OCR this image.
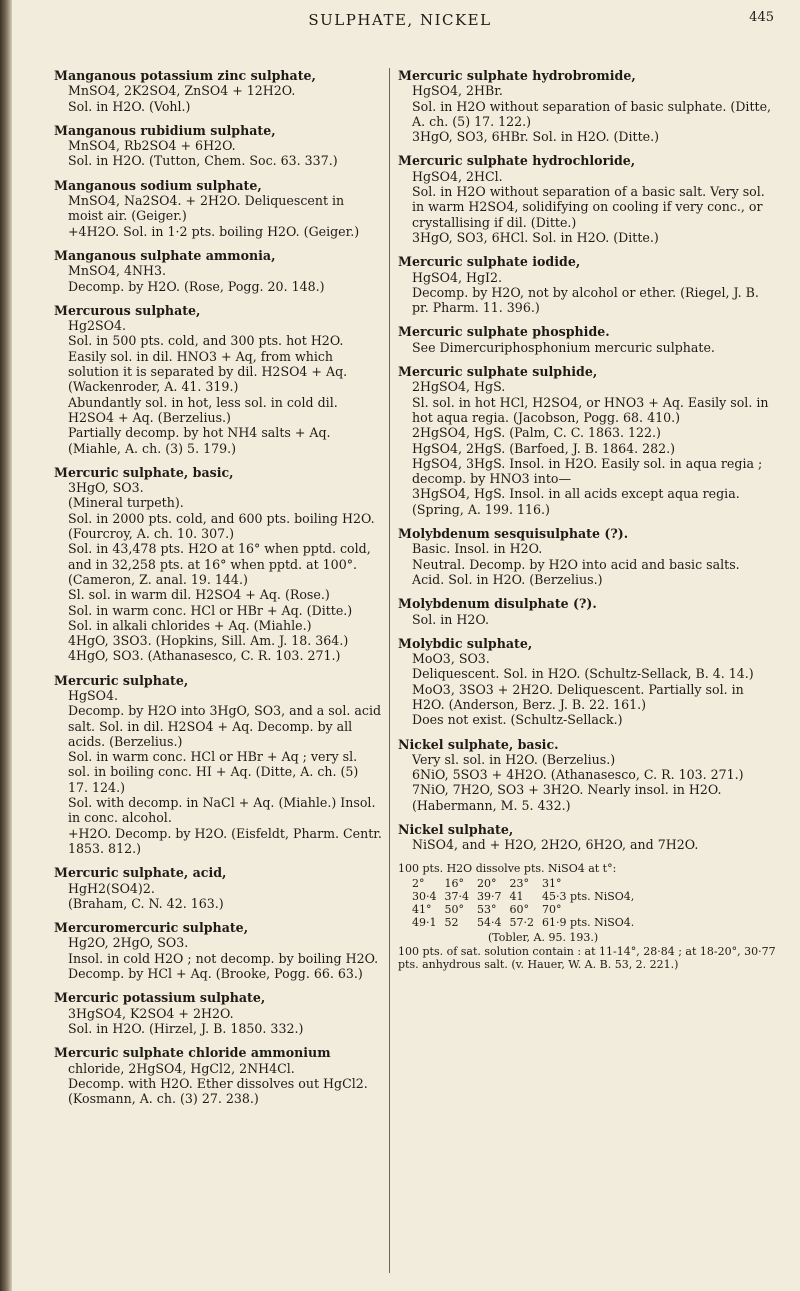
SULPHATE, NICKEL	445
Manganous potassium zinc sulphate,
MnSO4, 2K2SO4, ZnSO4 + 12H2O.
Sol. in H2O. (Vohl.)
Manganous rubidium sulphate,
MnSO4, Rb2SO4 + 6H2O.
Sol. in H2O. (Tutton, Chem. Soc. 63. 337.)
Manganous sodium sulphate,
MnSO4, Na2SO4. + 2H2O. Deliquescent in moist air. (Geiger.)
+4H2O. Sol. in 1·2 pts. boiling H2O. (Geiger.)
Manganous sulphate ammonia,
MnSO4, 4NH3.
Decomp. by H2O. (Rose, Pogg. 20. 148.)
Mercurous sulphate,
Hg2SO4.
Sol. in 500 pts. cold, and 300 pts. hot H2O. Easily sol. in dil. HNO3 + Aq, from which solution it is separated by dil. H2SO4 + Aq. (Wackenroder, A. 41. 319.)
Abundantly sol. in hot, less sol. in cold dil. H2SO4 + Aq. (Berzelius.)
Partially decomp. by hot NH4 salts + Aq. (Miahle, A. ch. (3) 5. 179.)
Mercuric sulphate, basic,
3HgO, SO3.
(Mineral turpeth).
Sol. in 2000 pts. cold, and 600 pts. boiling H2O. (Fourcroy, A. ch. 10. 307.)
Sol. in 43,478 pts. H2O at 16° when pptd. cold, and in 32,258 pts. at 16° when pptd. at 100°. (Cameron, Z. anal. 19. 144.)
Sl. sol. in warm dil. H2SO4 + Aq. (Rose.)
Sol. in warm conc. HCl or HBr + Aq. (Ditte.)
Sol. in alkali chlorides + Aq. (Miahle.)
4HgO, 3SO3. (Hopkins, Sill. Am. J. 18. 364.)
4HgO, SO3. (Athanasesco, C. R. 103. 271.)
Mercuric sulphate,
HgSO4.
Decomp. by H2O into 3HgO, SO3, and a sol. acid salt. Sol. in dil. H2SO4 + Aq. Decomp. by all acids. (Berzelius.)
Sol. in warm conc. HCl or HBr + Aq ; very sl. sol. in boiling conc. HI + Aq. (Ditte, A. ch. (5) 17. 124.)
Sol. with decomp. in NaCl + Aq. (Miahle.) Insol. in conc. alcohol.
+H2O. Decomp. by H2O. (Eisfeldt, Pharm. Centr. 1853. 812.)
Mercuric sulphate, acid,
HgH2(SO4)2.
(Braham, C. N. 42. 163.)
Mercuromercuric sulphate,
Hg2O, 2HgO, SO3.
Insol. in cold H2O ; not decomp. by boiling H2O. Decomp. by HCl + Aq. (Brooke, Pogg. 66. 63.)
Mercuric potassium sulphate,
3HgSO4, K2SO4 + 2H2O.
Sol. in H2O. (Hirzel, J. B. 1850. 332.)
Mercuric sulphate chloride ammonium
chloride, 2HgSO4, HgCl2, 2NH4Cl.
Decomp. with H2O. Ether dissolves out HgCl2. (Kosmann, A. ch. (3) 27. 238.)
Mercuric sulphate hydrobromide,
HgSO4, 2HBr.
Sol. in H2O without separation of basic sulphate. (Ditte, A. ch. (5) 17. 122.)
3HgO, SO3, 6HBr. Sol. in H2O. (Ditte.)
Mercuric sulphate hydrochloride,
HgSO4, 2HCl.
Sol. in H2O without separation of a basic salt. Very sol. in warm H2SO4, solidifying on cooling if very conc., or crystallising if dil. (Ditte.)
3HgO, SO3, 6HCl. Sol. in H2O. (Ditte.)
Mercuric sulphate iodide,
HgSO4, HgI2.
Decomp. by H2O, not by alcohol or ether. (Riegel, J. B. pr. Pharm. 11. 396.)
Mercuric sulphate phosphide.
See Dimercuriphosphonium mercuric sulphate.
Mercuric sulphate sulphide,
2HgSO4, HgS.
Sl. sol. in hot HCl, H2SO4, or HNO3 + Aq. Easily sol. in hot aqua regia. (Jacobson, Pogg. 68. 410.)
2HgSO4, HgS. (Palm, C. C. 1863. 122.)
HgSO4, 2HgS. (Barfoed, J. B. 1864. 282.)
HgSO4, 3HgS. Insol. in H2O. Easily sol. in aqua regia ; decomp. by HNO3 into—
3HgSO4, HgS. Insol. in all acids except aqua regia. (Spring, A. 199. 116.)
Molybdenum sesquisulphate (?).
Basic. Insol. in H2O.
Neutral. Decomp. by H2O into acid and basic salts.
Acid. Sol. in H2O. (Berzelius.)
Molybdenum disulphate (?).
Sol. in H2O.
Molybdic sulphate,
MoO3, SO3.
Deliquescent. Sol. in H2O. (Schultz-Sellack, B. 4. 14.)
MoO3, 3SO3 + 2H2O. Deliquescent. Partially sol. in H2O. (Anderson, Berz. J. B. 22. 161.)
Does not exist. (Schultz-Sellack.)
Nickel sulphate, basic.
Very sl. sol. in H2O. (Berzelius.)
6NiO, 5SO3 + 4H2O. (Athanasesco, C. R. 103. 271.)
7NiO, 7H2O, SO3 + 3H2O. Nearly insol. in H2O. (Habermann, M. 5. 432.)
Nickel sulphate,
NiSO4, and + H2O, 2H2O, 6H2O, and 7H2O.
100 pts. H2O dissolve pts. NiSO4 at t°:
2°	16°	20°	23°	31°	
30·4	37·4	39·7	41	45·3 pts. NiSO4,	
41°	50°	53°	60°	70°	
49·1	52	54·4	57·2	61·9 pts. NiSO4.	
(Tobler, A. 95. 193.)
100 pts. of sat. solution contain : at 11-14°, 28·84 ; at 18-20°, 30·77 pts. anhydrous salt. (v. Hauer, W. A. B. 53, 2. 221.)
